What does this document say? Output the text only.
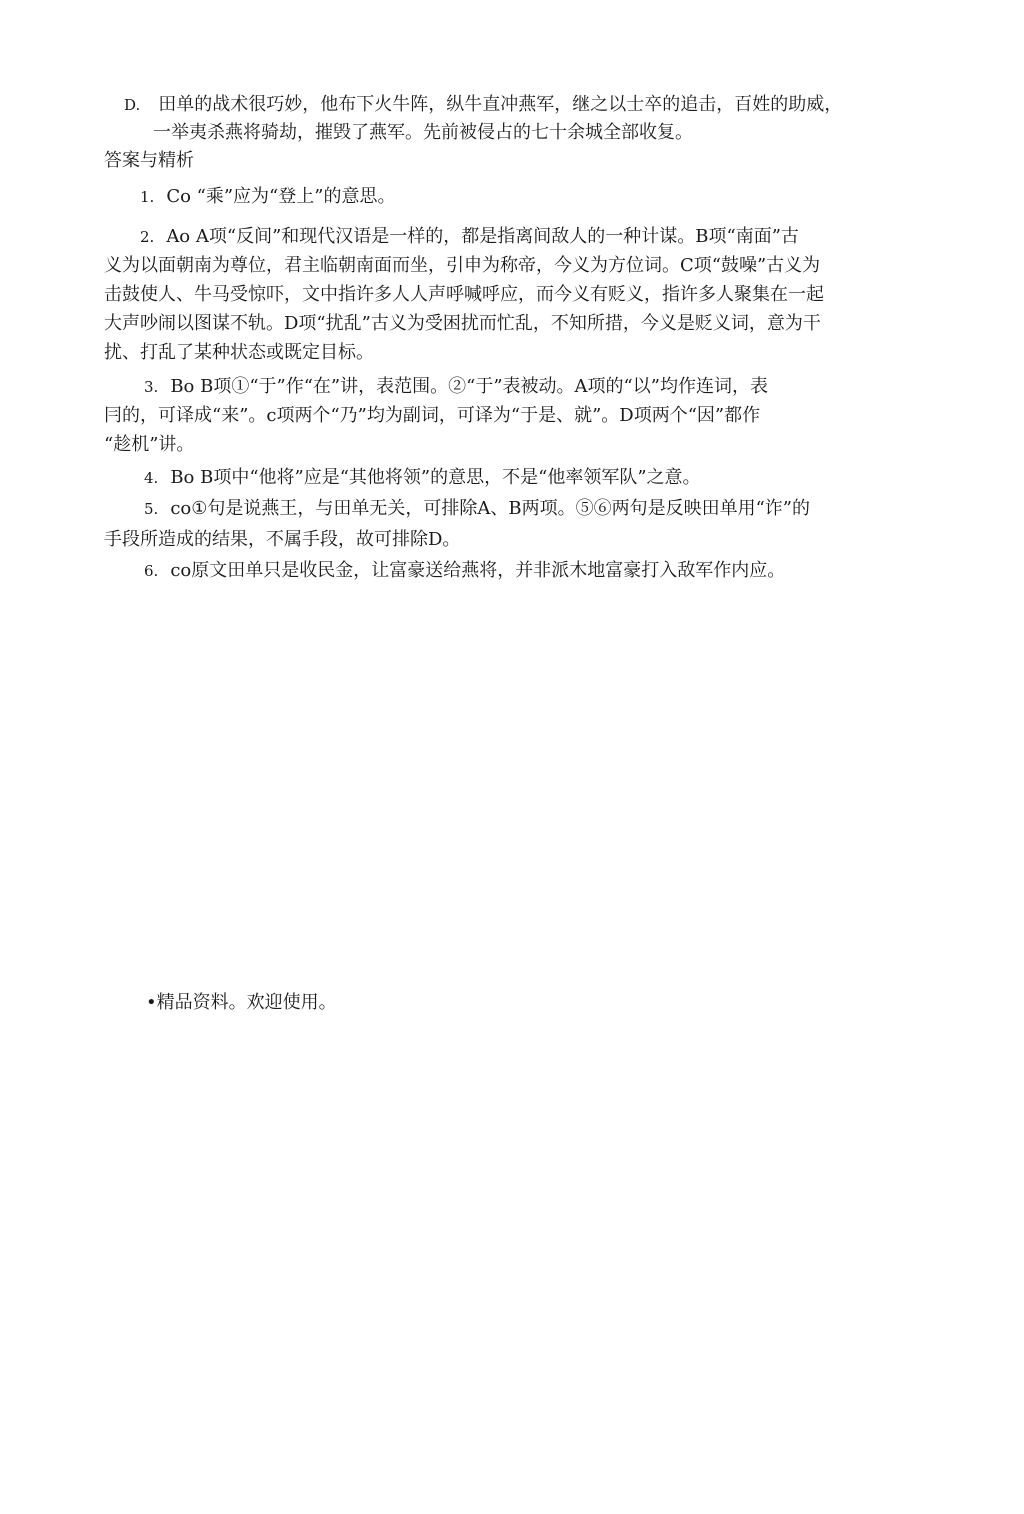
D. 田单的战术很巧妙，他布下火牛阵，纵牛直冲燕军，继之以士卒的追击，百姓的助威，
一举夷杀燕将骑劫，摧毁了燕军。先前被侵占的七十余城全部收复。
答案与精析
1. Co “乘”应为“登上”的意思。
2. Ao A项“反间”和现代汉语是一样的，都是指离间敌人的一种计谋。B项“南面”古
义为以面朝南为尊位，君主临朝南面而坐，引申为称帝，今义为方位词。C项“鼓噪”古义为
击鼓使人、牛马受惊吓，文中指许多人人声呼喊呼应，而今义有贬义，指许多人聚集在一起
大声吵闹以图谋不轨。D项“扰乱”古义为受困扰而忙乱，不知所措，今义是贬义词，意为干
扰、打乱了某种状态或既定目标。
3. Bo B项①“于”作“在”讲，表范围。②“于”表被动。A项的“以”均作连词，表
冃的，可译成“来”。c项两个“乃”均为副词，可译为“于是、就”。D项两个“因”都作
“趁机”讲。
4. Bo B项中“他将”应是“其他将领”的意思，不是“他率领军队”之意。
5. co①句是说燕王，与田单无关，可排除A、B两项。⑤⑥两句是反映田单用“诈”的
手段所造成的结果，不属手段，故可排除D。
6. co原文田单只是收民金，让富豪送给燕将，并非派木地富豪打入敌军作内应。
•精品资料。欢迎使用。
